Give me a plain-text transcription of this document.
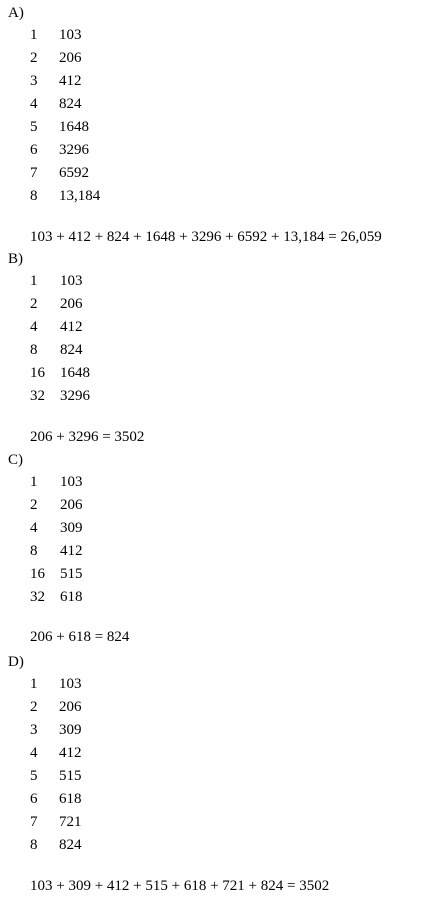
A)
1 103
2 206
3 412
4 824
5 1648
6 3296
7 6592
8 13,184
103 + 412 + 824 + 1648 + 3296 + 6592 + 13,184 = 26,059
B)
1 103
2 206
4 412
8 824
16 1648
32 3296
206 + 3296 = 3502
C)
1 103
2 206
4 309
8 412
16 515
32 618
206 + 618 = 824
D)
1 103
2 206
3 309
4 412
5 515
6 618
7 721
8 824
103 + 309 + 412 + 515 + 618 + 721 + 824 = 3502
